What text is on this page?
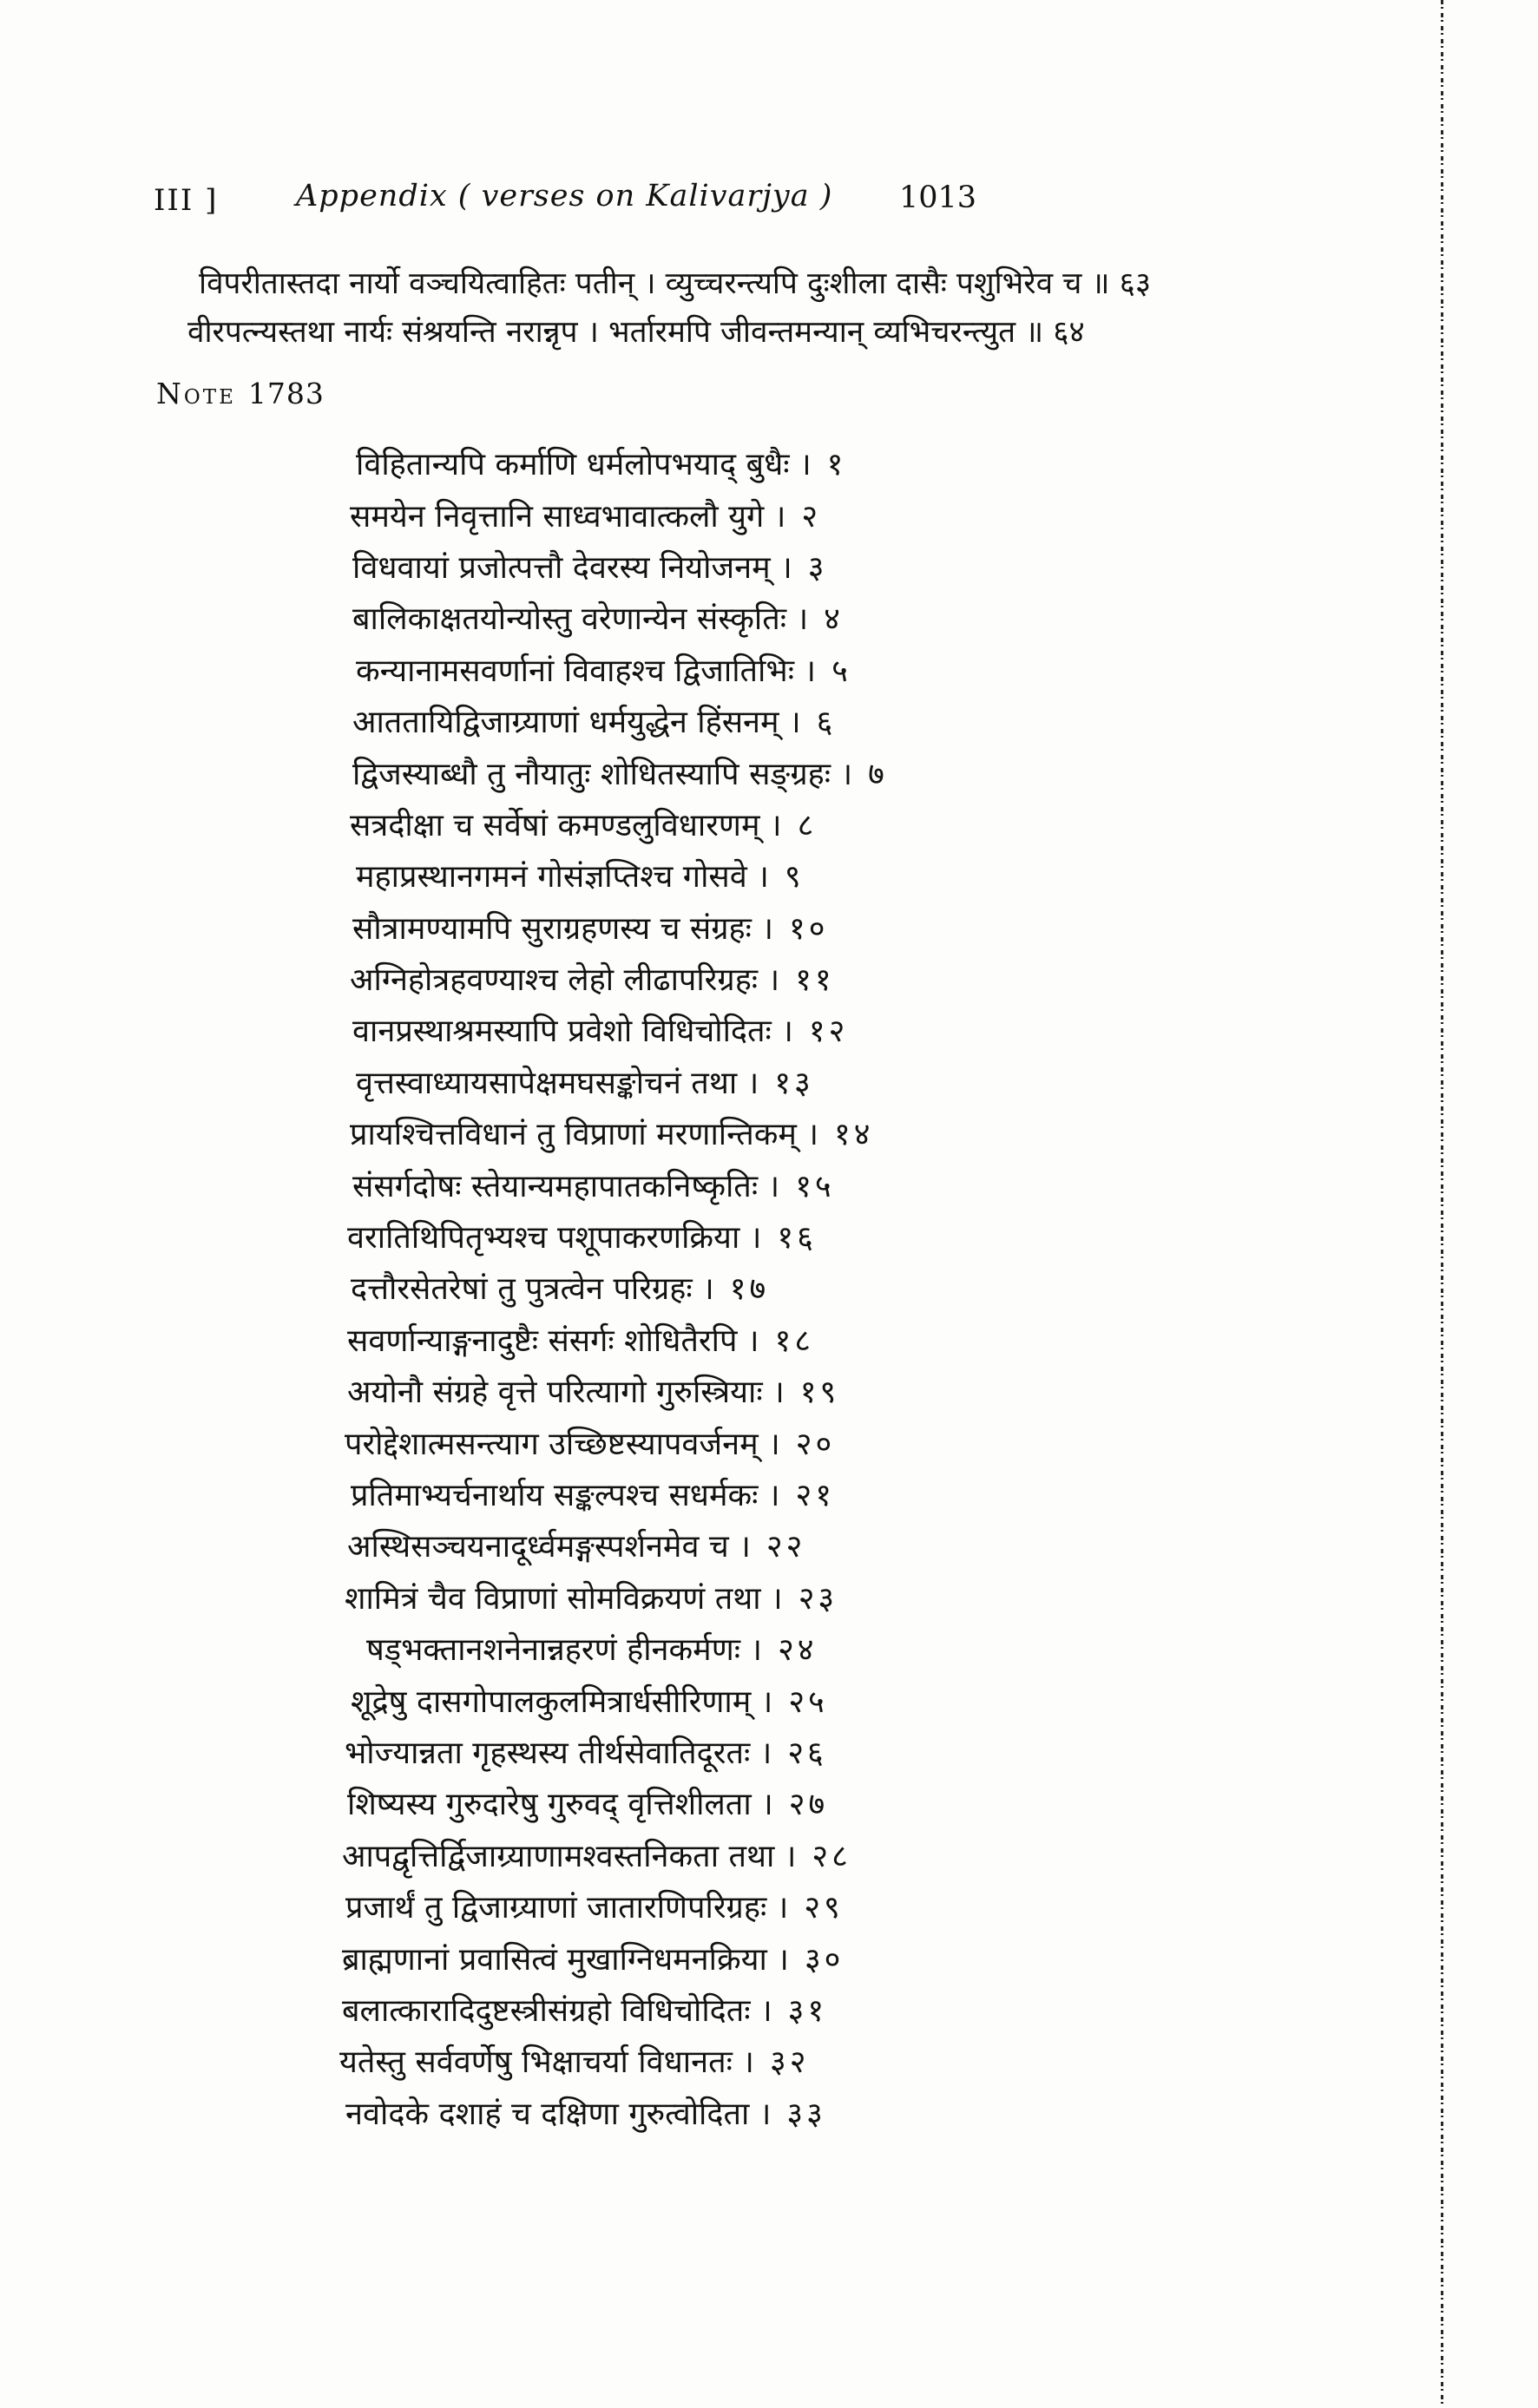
III ]	Appendix ( verses on Kalivarjya ) 1013
विपरीतास्तदा नार्यो वञ्चयित्वाहितः पतीन् । व्युच्चरन्त्यपि दुःशीला दासैः पशुभिरेव च ॥ ६३
वीरपत्न्यस्तथा नार्यः संश्रयन्ति नरान्नृप । भर्तारमपि जीवन्तमन्यान् व्यभिचरन्त्युत ॥ ६४
Note 1783
विहितान्यपि कर्माणि धर्मलोपभयाद् बुधैः । १
समयेन निवृत्तानि साध्वभावात्कलौ युगे । २
विधवायां प्रजोत्पत्तौ देवरस्य नियोजनम् । ३
बालिकाक्षतयोन्योस्तु वरेणान्येन संस्कृतिः । ४
कन्यानामसवर्णानां विवाहश्च द्विजातिभिः । ५
आततायिद्विजाग्र्याणां धर्मयुद्धेन हिंसनम् । ६
द्विजस्याब्धौ तु नौयातुः शोधितस्यापि सङ्ग्रहः । ७
सत्रदीक्षा च सर्वेषां कमण्डलुविधारणम् । ८
महाप्रस्थानगमनं गोसंज्ञप्तिश्च गोसवे । ९
सौत्रामण्यामपि सुराग्रहणस्य च संग्रहः । १०
अग्निहोत्रहवण्याश्च लेहो लीढापरिग्रहः । ११
वानप्रस्थाश्रमस्यापि प्रवेशो विधिचोदितः । १२
वृत्तस्वाध्यायसापेक्षमघसङ्कोचनं तथा । १३
प्रायश्चित्तविधानं तु विप्राणां मरणान्तिकम् । १४
संसर्गदोषः स्तेयान्यमहापातकनिष्कृतिः । १५
वरातिथिपितृभ्यश्च पशूपाकरणक्रिया । १६
दत्तौरसेतरेषां तु पुत्रत्वेन परिग्रहः । १७
सवर्णान्याङ्गनादुष्टैः संसर्गः शोधितैरपि । १८
अयोनौ संग्रहे वृत्ते परित्यागो गुरुस्त्रियाः । १९
परोद्देशात्मसन्त्याग उच्छिष्टस्यापवर्जनम् । २०
प्रतिमाभ्यर्चनार्थाय सङ्कल्पश्च सधर्मकः । २१
अस्थिसञ्चयनादूर्ध्वमङ्गस्पर्शनमेव च । २२
शामित्रं चैव विप्राणां सोमविक्रयणं तथा । २३
षड्भक्तानशनेनान्नहरणं हीनकर्मणः । २४
शूद्रेषु दासगोपालकुलमित्रार्धसीरिणाम् । २५
भोज्यान्नता गृहस्थस्य तीर्थसेवातिदूरतः । २६
शिष्यस्य गुरुदारेषु गुरुवद् वृत्तिशीलता । २७
आपद्वृत्तिर्द्विजाग्र्याणामश्वस्तनिकता तथा । २८
प्रजार्थं तु द्विजाग्र्याणां जातारणिपरिग्रहः । २९
ब्राह्मणानां प्रवासित्वं मुखाग्निधमनक्रिया । ३०
बलात्कारादिदुष्टस्त्रीसंग्रहो विधिचोदितः । ३१
यतेस्तु सर्ववर्णेषु भिक्षाचर्या विधानतः । ३२
नवोदके दशाहं च दक्षिणा गुरुत्वोदिता । ३३
